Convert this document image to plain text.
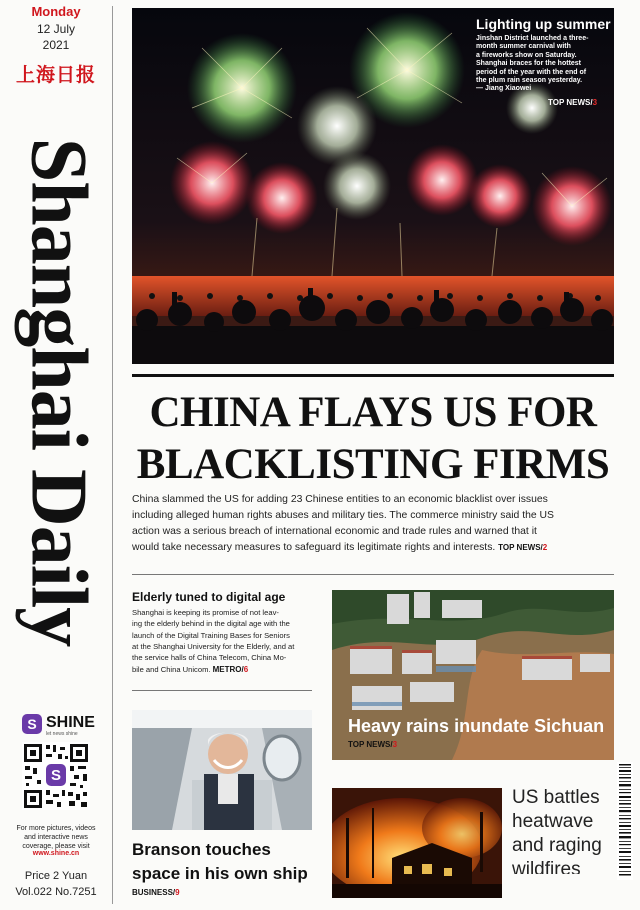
Monday
12 July
2021
上海日报
Shanghai Daily
S SHINE
let news shine
S
For more pictures, videos
and interactive news
coverage, please visit
www.shine.cn
Price 2 Yuan
Vol.022 No.7251
Lighting up summer
Jinshan District launched a three-
month summer carnival with
a fireworks show on Saturday.
Shanghai braces for the hottest
period of the year with the end of
the plum rain season yesterday.
— Jiang Xiaowei
TOP NEWS/3
CHINA FLAYS US FOR
BLACKLISTING FIRMS
China slammed the US for adding 23 Chinese entities to an economic blacklist over issues
including alleged human rights abuses and military ties. The commerce ministry said the US
action was a serious breach of international economic and trade rules and warned that it
would take necessary measures to safeguard its legitimate rights and interests. TOP NEWS/2
Elderly tuned to digital age
Shanghai is keeping its promise of not leav-
ing the elderly behind in the digital age with the
launch of the Digital Training Bases for Seniors
at the Shanghai University for the Elderly, and at
the service halls of China Telecom, China Mo-
bile and China Unicom. METRO/6
Heavy rains inundate Sichuan
TOP NEWS/3
Branson touches
space in his own ship
BUSINESS/9
US battles
heatwave
and raging
wildfires
